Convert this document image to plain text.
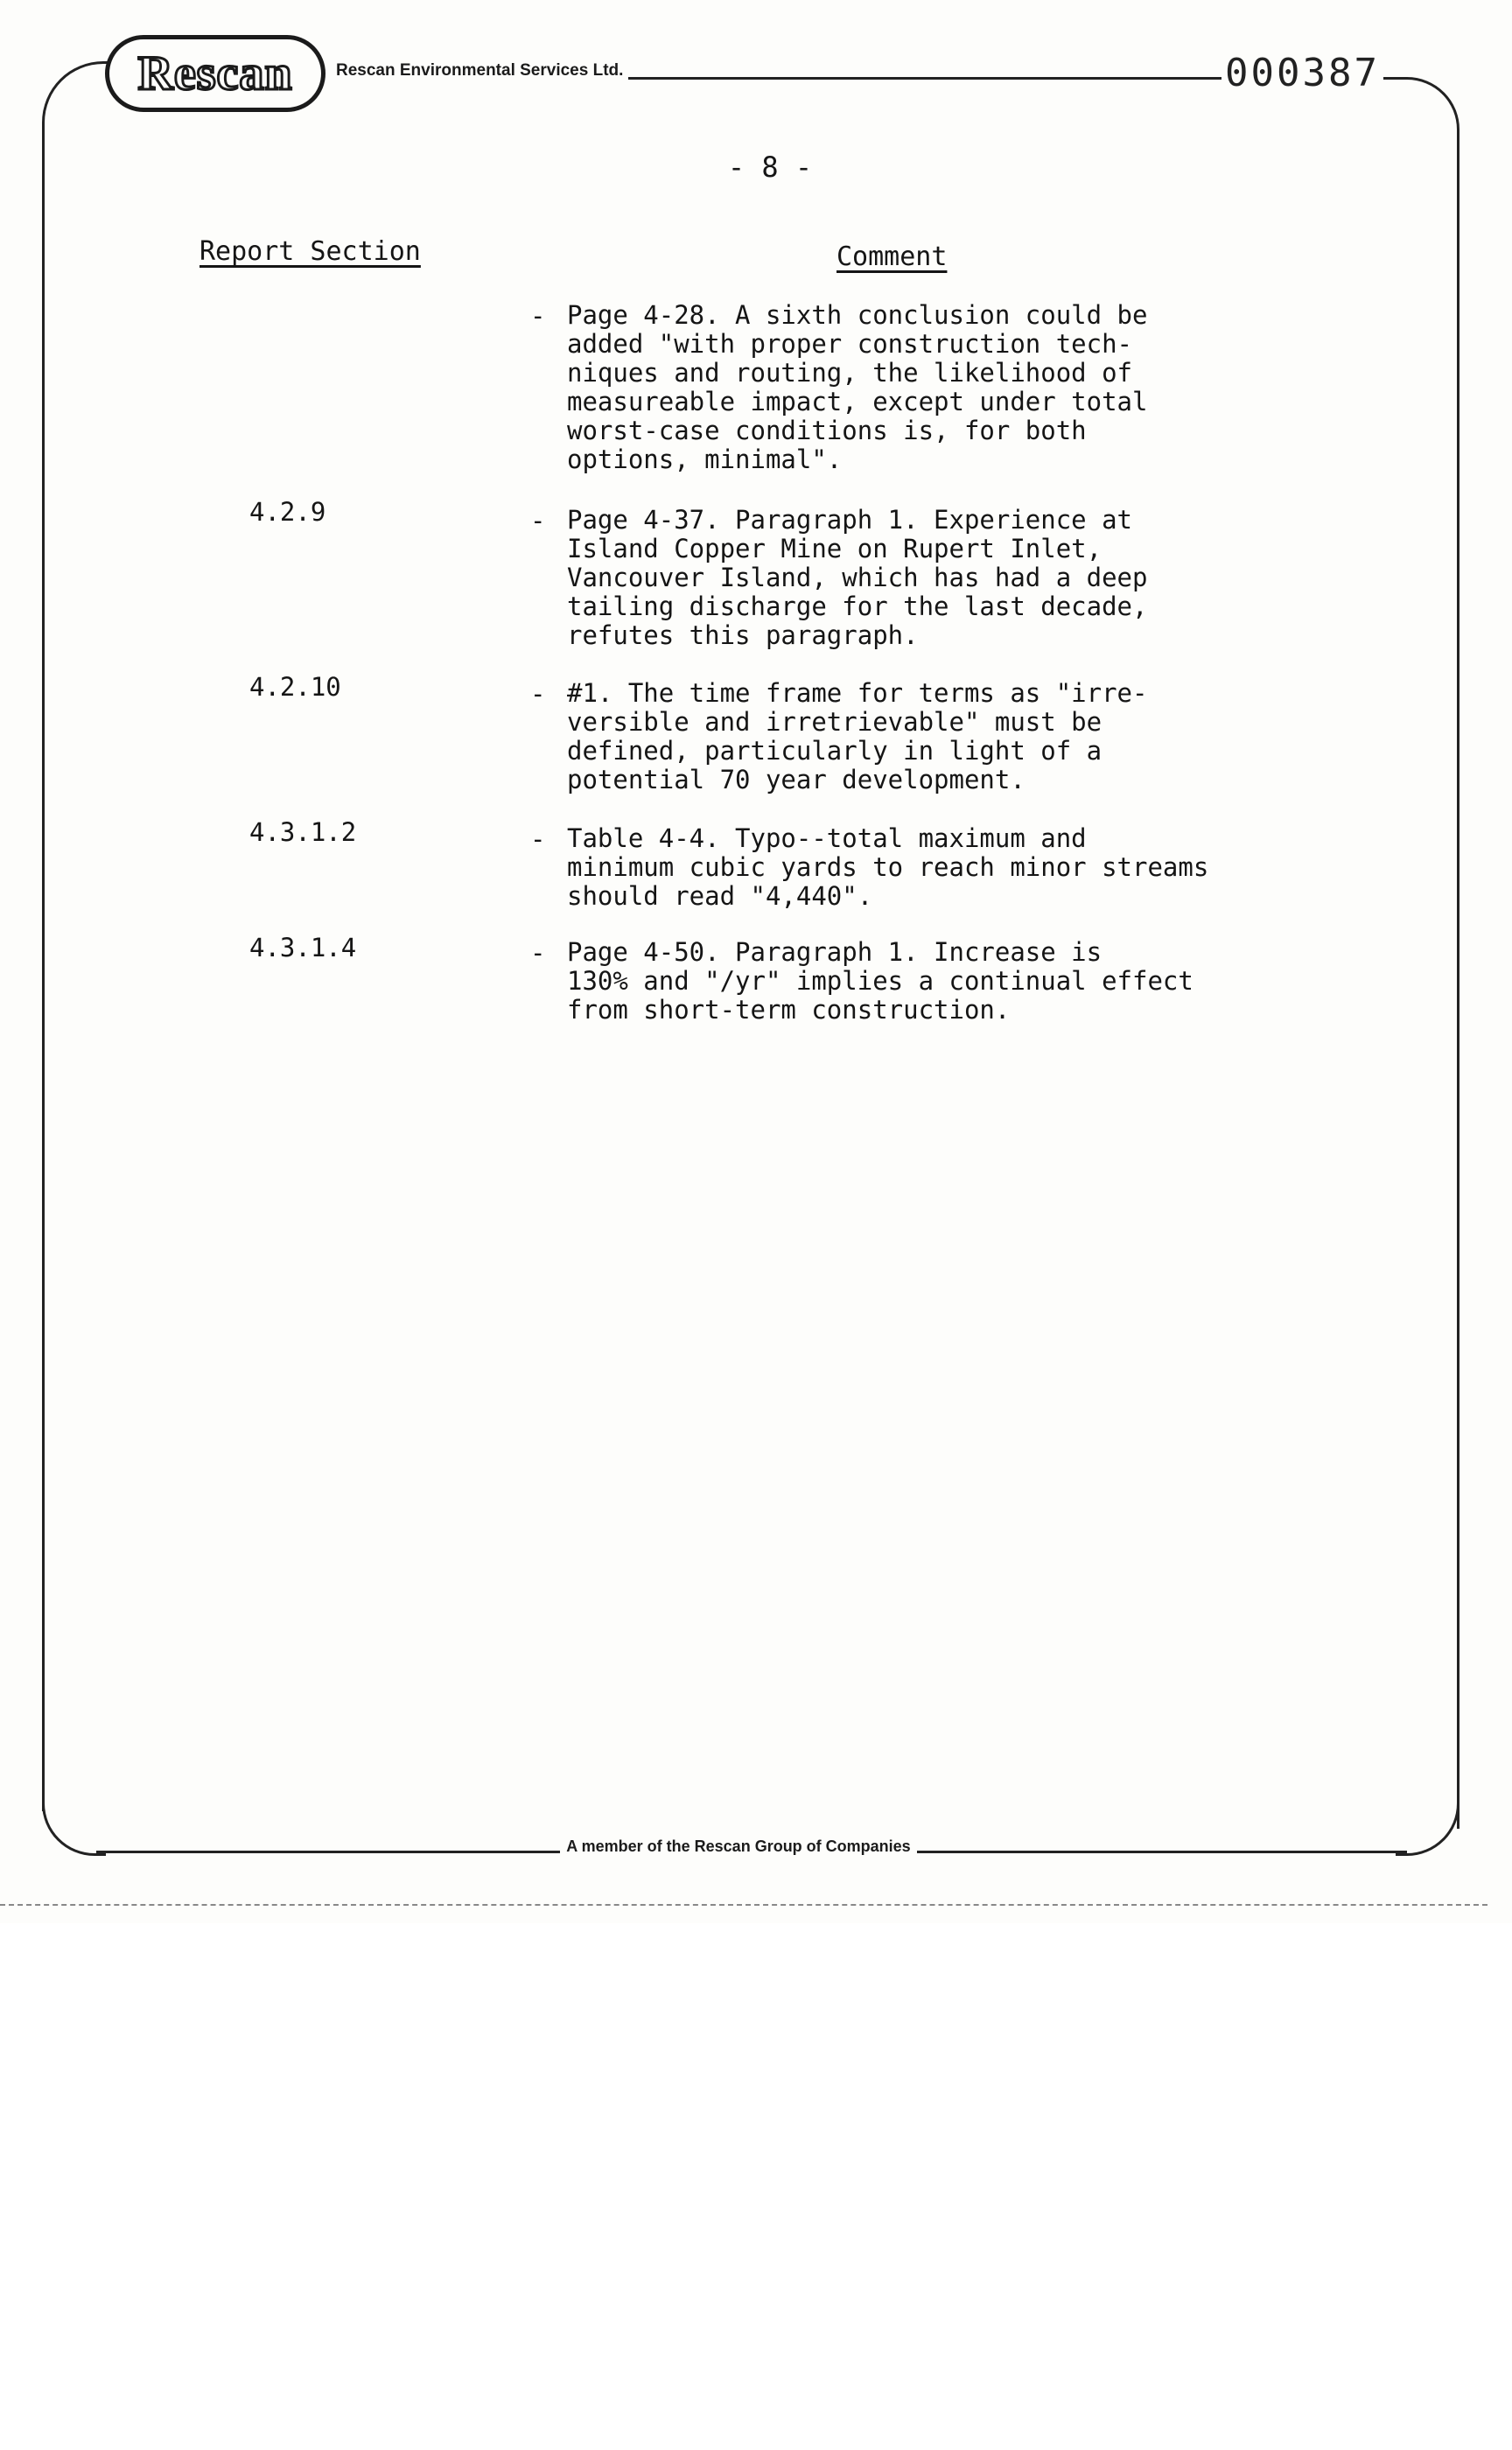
Rescan	Rescan Environmental Services Ltd.	000387
- 8 -
Report Section	Comment
- Page 4-28. A sixth conclusion could be
added "with proper construction tech-
niques and routing, the likelihood of
measureable impact, except under total
worst-case conditions is, for both
options, minimal".
4.2.9	- Page 4-37. Paragraph 1. Experience at
Island Copper Mine on Rupert Inlet,
Vancouver Island, which has had a deep
tailing discharge for the last decade,
refutes this paragraph.
4.2.10	- #1. The time frame for terms as "irre-
versible and irretrievable" must be
defined, particularly in light of a
potential 70 year development.
4.3.1.2	- Table 4-4. Typo--total maximum and
minimum cubic yards to reach minor streams
should read "4,440".
4.3.1.4	- Page 4-50. Paragraph 1. Increase is
130% and "/yr" implies a continual effect
from short-term construction.
A member of the Rescan Group of Companies
